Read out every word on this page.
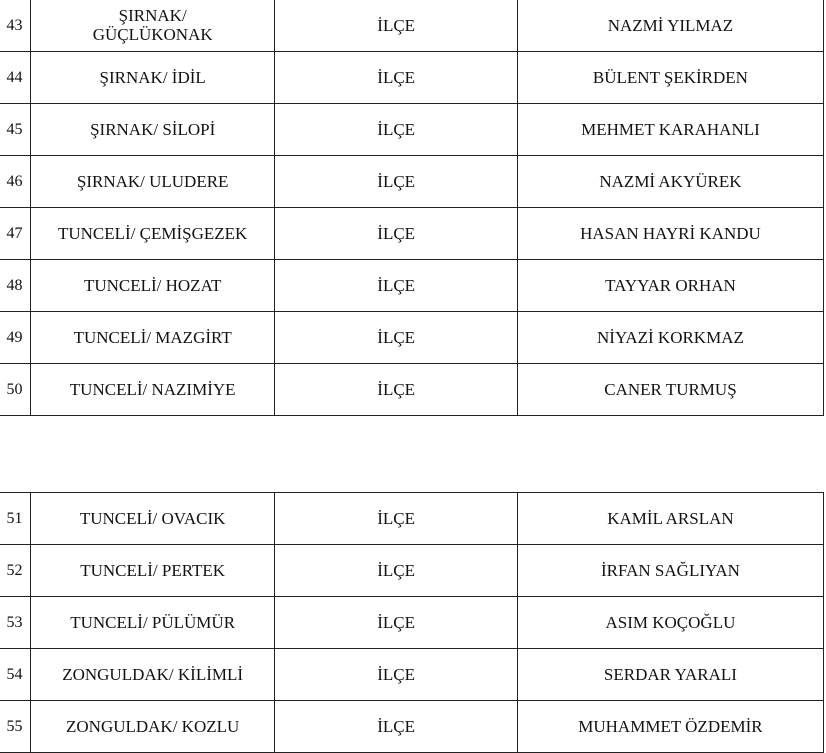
43	ŞIRNAK/
GÜÇLÜKONAK	İLÇE	NAZMİ YILMAZ
44	ŞIRNAK/ İDİL	İLÇE	BÜLENT ŞEKİRDEN
45	ŞIRNAK/ SİLOPİ	İLÇE	MEHMET KARAHANLI
46	ŞIRNAK/ ULUDERE	İLÇE	NAZMİ AKYÜREK
47	TUNCELİ/ ÇEMİŞGEZEK	İLÇE	HASAN HAYRİ KANDU
48	TUNCELİ/ HOZAT	İLÇE	TAYYAR ORHAN
49	TUNCELİ/ MAZGİRT	İLÇE	NİYAZİ KORKMAZ
50	TUNCELİ/ NAZIMİYE	İLÇE	CANER TURMUŞ
51	TUNCELİ/ OVACIK	İLÇE	KAMİL ARSLAN
52	TUNCELİ/ PERTEK	İLÇE	İRFAN SAĞLIYAN
53	TUNCELİ/ PÜLÜMÜR	İLÇE	ASIM KOÇOĞLU
54	ZONGULDAK/ KİLİMLİ	İLÇE	SERDAR YARALI
55	ZONGULDAK/ KOZLU	İLÇE	MUHAMMET ÖZDEMİR
